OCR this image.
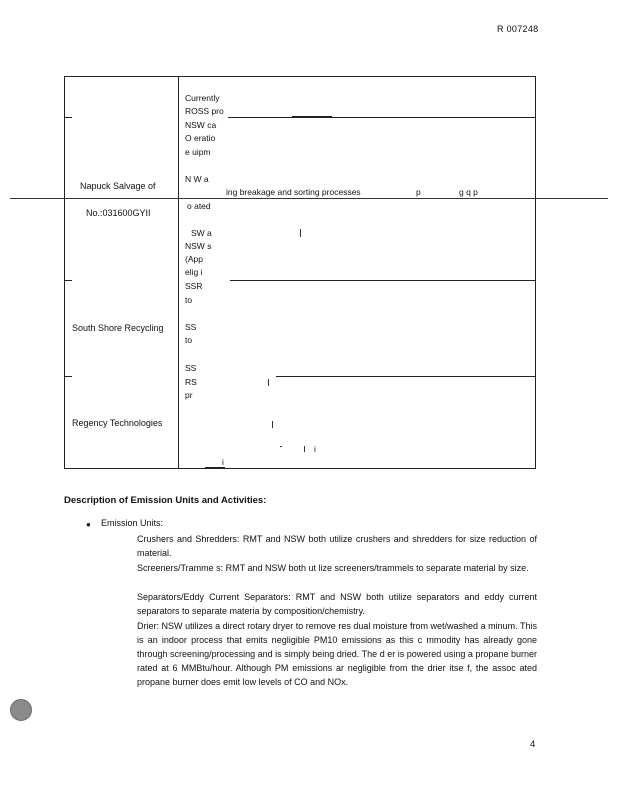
R 007248
Napuck Salvage of
No.:031600GYII
South Shore Recycling
Regency Technologies
Currently
ROSS pro
NSW ca
O eratio
e uipm
N W a
ing breakage and sorting processes	p	g q p
o ated
SW a
NSW s
(App
elig i
SSR
to
SS
to
SS
RS
pr
i
i
Description of Emission Units and Activities:
● Emission Units:
Crushers and Shredders: RMT and NSW both utilize crushers and shredders for size reduction of material.
Screeners/Tramme s: RMT and NSW both ut lize screeners/trammels to separate material by size.
Separators/Eddy Current Separators: RMT and NSW both utilize separators and eddy current separators to separate materia by composition/chemistry.
Drier: NSW utilizes a direct rotary dryer to remove res dual moisture from wet/washed a minum. This is an indoor process that emits negligible PM10 emissions as this c mmodity has already gone through screening/processing and is simply being dried. The d er is powered using a propane burner rated at 6 MMBtu/hour. Although PM emissions ar negligible from the drier itse f, the assoc ated propane burner does emit low levels of CO and NOx.
4
